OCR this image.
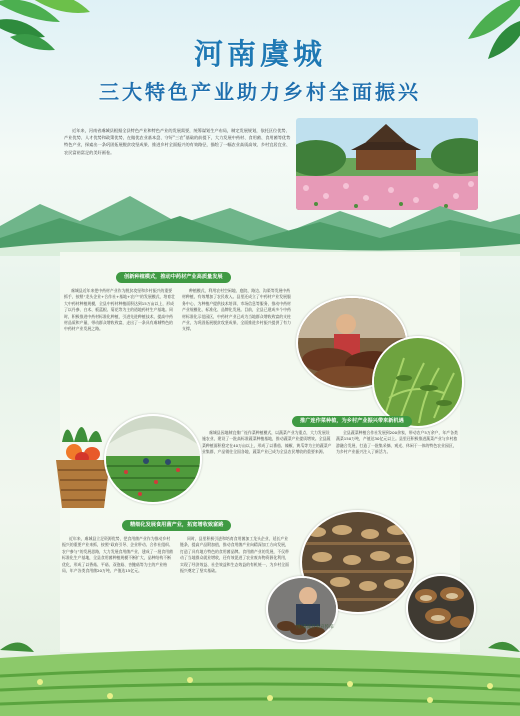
河南虞城
三大特色产业助力乡村全面振兴
近年来，河南省虞城县根据全县特色产业和特色产业的发展需要，统筹谋划生产布局，制定发展规划，依托区位优势、产业优势、人才优势和政策优势，在做优农业基本盘、守好“三农”基础的前提下，大力发展中药材、食用菌、食用菌等优势特色产业，探索出一条巩固拓展脱贫攻坚成果、推进乡村全面振兴的有效路径，描绘了一幅农业高质高效、乡村宜居宜业、农民富裕富足的美好画卷。
创新种植模式，推动中药材产业高质量发展
虞城县近年来把中药材产业作为脱贫攻坚和乡村振兴的重要抓手，按照“龙头企业+合作社+基地+农户”的发展模式，培育壮大中药材种植规模，全县中药材种植面积达到15万亩以上，形成了以丹参、白术、板蓝根、菊花等为主的道地药材生产基地。同时，积极推进中药材标准化种植，引进先进种植技术，提高中药材品质和产量，带动群众增收致富，走出了一条具有虞城特色的中药材产业发展之路。
种植模式，利用农村空闲地、庭院、路边、沟渠等发展中药材种植，有效增加了农民收入。县里还成立了中药材产业发展服务中心，为种植户提供技术培训、市场信息等服务，推动中药材产业规模化、标准化、品牌化发展。目前，全县已建成多个中药材标准化示范园区，中药材产业已成为当地群众增收致富的支柱产业，为巩固拓展脱贫攻坚成果、全面推进乡村振兴提供了有力支撑。
推广连作菜种植，为乡村产业振兴带来新机遇
虞城县因地制宜推广连作菜种植模式，以蔬菜产业为重点，大力发展设施农业，建设了一批高标准蔬菜种植基地，推动蔬菜产业提质增效。全县蔬菜种植面积稳定在40万亩以上，形成了以番茄、辣椒、黄瓜等为主的蔬菜产业集群，产品销往全国各地，蔬菜产业已成为全县农民增收的重要来源。
全县蔬菜种植合作社发展到200余家，带动农户5万余户，年产各类蔬菜150万吨，产值达30亿元以上。县里还积极推进蔬菜产业与乡村旅游融合发展，打造了一批集采摘、观光、休闲于一体的特色农业园区，为乡村产业振兴注入了新活力。
精细化发展食用菌产业，拓宽增收致富路
近年来，虞城县立足资源优势，把食用菌产业作为推动乡村振兴的重要产业来抓，按照“政府引导、企业带动、合作社组织、农户参与”的发展思路，大力发展食用菌产业，建成了一批食用菌标准化生产基地，全县食用菌种植规模不断扩大，品种结构不断优化，形成了以香菇、平菇、双孢菇、杏鲍菇等为主的产业格局，年产各类食用菌20万吨，产值达15亿元。
同时，县里积极引进和培育食用菌加工龙头企业，延长产业链条，提高产品附加值，推动食用菌产业向精深加工方向发展，打造了具有地方特色的食用菌品牌。食用菌产业的发展，不仅带动了当地群众就业增收，还有效促进了农业废弃物资源化利用，实现了经济效益、社会效益和生态效益的有机统一，为乡村全面振兴奠定了坚实基础。
图/虞城县委宣传部
